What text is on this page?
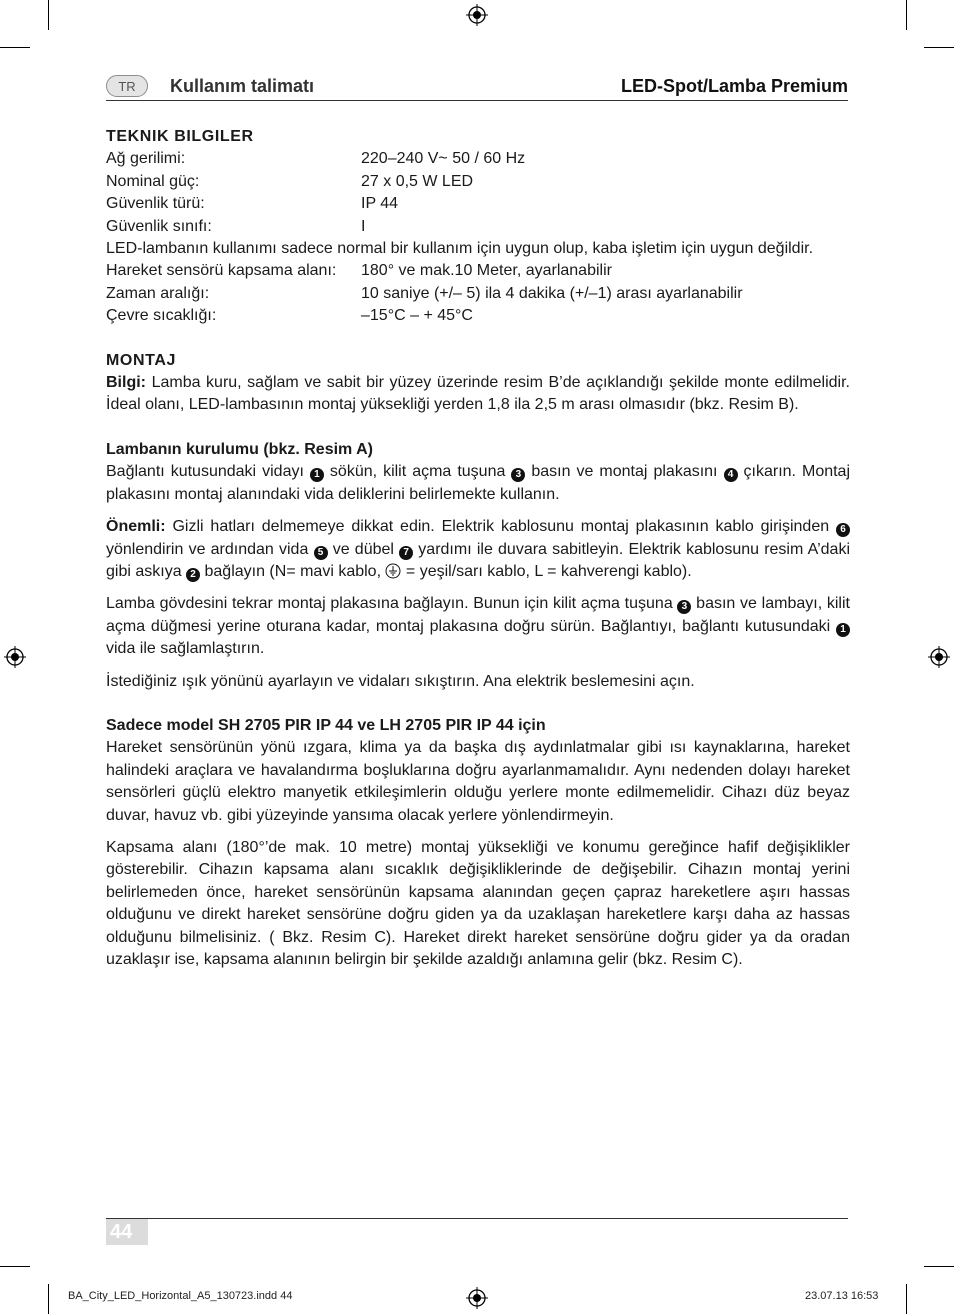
TR	Kullanım talimatı	LED-Spot/Lamba Premium

TEKNIK BILGILER

Ağ gerilimi:	220–240 V~ 50 / 60 Hz
Nominal güç:	27 x 0,5 W LED
Güvenlik türü:	IP 44
Güvenlik sınıfı:	I

LED-lambanın kullanımı sadece normal bir kullanım için uygun olup, kaba işletim için uygun değildir.

Hareket sensörü kapsama alanı:	180° ve mak.10 Meter, ayarlanabilir
Zaman aralığı:	10 saniye (+/– 5) ila 4 dakika (+/–1) arası ayarlanabilir
Çevre sıcaklığı:	–15°C – + 45°C

MONTAJ

Bilgi: Lamba kuru, sağlam ve sabit bir yüzey üzerinde resim B’de açıklandığı şekilde monte edilmelidir. İdeal olanı, LED-lambasının montaj yüksekliği yerden 1,8 ila 2,5 m arası olmasıdır (bkz. Resim B).

Lambanın kurulumu (bkz. Resim A)

Bağlantı kutusundaki vidayı 1 sökün, kilit açma tuşuna 3 basın ve montaj plakasını 4 çıkarın. Montaj plakasını montaj alanındaki vida deliklerini belirlemekte kullanın.

Önemli: Gizli hatları delmemeye dikkat edin. Elektrik kablosunu montaj plakasının kablo girişinden 6 yönlendirin ve ardından vida 5 ve dübel 7 yardımı ile duvara sabitleyin. Elektrik kablosunu resim A’daki gibi askıya 2 bağlayın (N= mavi kablo,  = yeşil/sarı kablo, L = kahverengi kablo).

Lamba gövdesini tekrar montaj plakasına bağlayın. Bunun için kilit açma tuşuna 3 basın ve lambayı, kilit açma düğmesi yerine oturana kadar, montaj plakasına doğru sürün. Bağlantıyı, bağlantı kutusundaki 1 vida ile sağlamlaştırın.

İstediğiniz ışık yönünü ayarlayın ve vidaları sıkıştırın. Ana elektrik beslemesini açın.

Sadece model SH 2705 PIR IP 44 ve LH 2705 PIR IP 44 için

Hareket sensörünün yönü ızgara, klima ya da başka dış aydınlatmalar gibi ısı kaynaklarına, hareket halindeki araçlara ve havalandırma boşluklarına doğru ayarlanmamalıdır. Aynı nedenden dolayı hareket sensörleri güçlü elektro manyetik etkileşimlerin olduğu yerlere monte edilmemelidir. Cihazı düz beyaz duvar, havuz vb. gibi yüzeyinde yansıma olacak yerlere yönlendirmeyin.

Kapsama alanı (180°’de mak. 10 metre) montaj yüksekliği ve konumu gereğince hafif değişiklikler gösterebilir. Cihazın kapsama alanı sıcaklık değişikliklerinde de değişebilir. Cihazın montaj yerini belirlemeden önce, hareket sensörünün kapsama alanından geçen çapraz hareketlere aşırı hassas olduğunu ve direkt hareket sensörüne doğru giden ya da uzaklaşan hareketlere karşı daha az hassas olduğunu bilmelisiniz. ( Bkz. Resim C). Hareket direkt hareket sensörüne doğru gider ya da oradan uzaklaşır ise, kapsama alanının belirgin bir şekilde azaldığı anlamına gelir (bkz. Resim C).

44
BA_City_LED_Horizontal_A5_130723.indd 44	23.07.13 16:53
